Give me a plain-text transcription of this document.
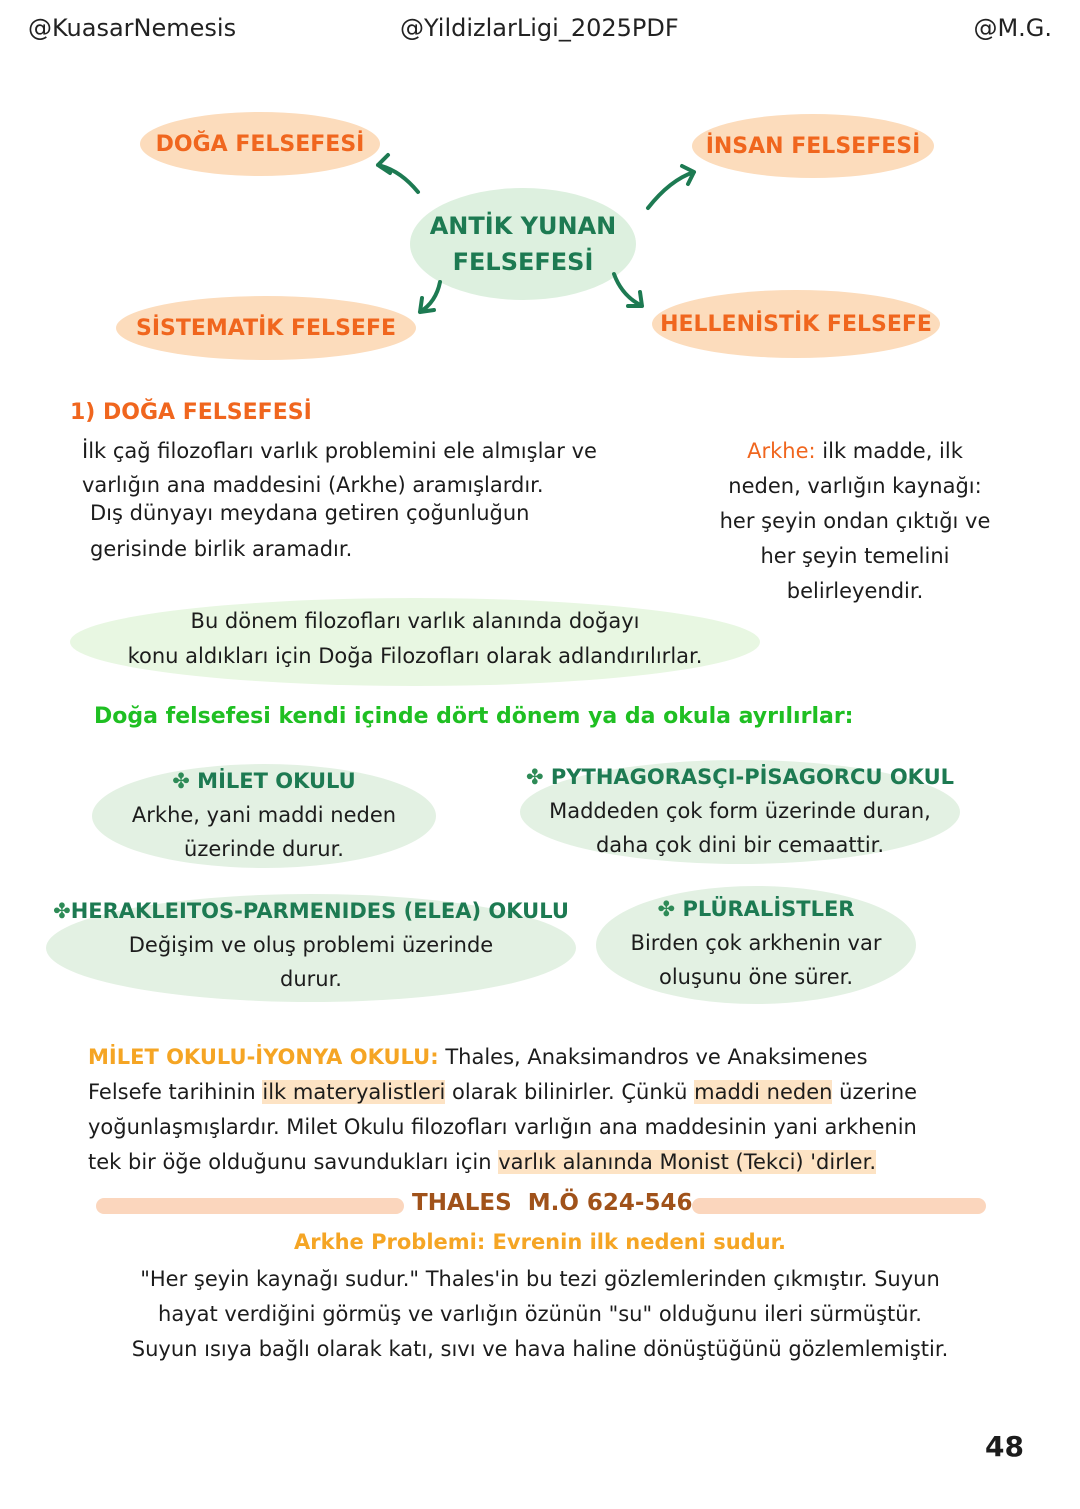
@KuasarNemesis	@YildizlarLigi_2025PDF	@M.G.
DOĞA FELSEFESİ	İNSAN FELSEFESİ
SİSTEMATİK FELSEFE	HELLENİSTİK FELSEFE
ANTİK YUNAN
FELSEFESİ
1) DOĞA FELSEFESİ
İlk çağ filozofları varlık problemini ele almışlar ve
varlığın ana maddesini (Arkhe) aramışlardır.
Dış dünyayı meydana getiren çoğunluğun
gerisinde birlik aramadır.
Arkhe: ilk madde, ilk
neden, varlığın kaynağı:
her şeyin ondan çıktığı ve
her şeyin temelini
belirleyendir.
Bu dönem filozofları varlık alanında doğayı
konu aldıkları için Doğa Filozofları olarak adlandırılırlar.
Doğa felsefesi kendi içinde dört dönem ya da okula ayrılırlar:
✤ MİLET OKULU
Arkhe, yani maddi neden
üzerinde durur.
✤ PYTHAGORASÇI-PİSAGORCU OKUL
Maddeden çok form üzerinde duran,
daha çok dini bir cemaattir.
✤HERAKLEITOS-PARMENIDES (ELEA) OKULU
Değişim ve oluş problemi üzerinde
durur.
✤ PLÜRALİSTLER
Birden çok arkhenin var
oluşunu öne sürer.
MİLET OKULU-İYONYA OKULU: Thales, Anaksimandros ve Anaksimenes
Felsefe tarihinin ilk materyalistleri olarak bilinirler. Çünkü maddi neden üzerine
yoğunlaşmışlardır. Milet Okulu filozofları varlığın ana maddesinin yani arkhenin
tek bir öğe olduğunu savundukları için varlık alanında Monist (Tekci) 'dirler.
THALES M.Ö 624-546
Arkhe Problemi: Evrenin ilk nedeni sudur.
"Her şeyin kaynağı sudur." Thales'in bu tezi gözlemlerinden çıkmıştır. Suyun
hayat verdiğini görmüş ve varlığın özünün "su" olduğunu ileri sürmüştür.
Suyun ısıya bağlı olarak katı, sıvı ve hava haline dönüştüğünü gözlemlemiştir.
48
